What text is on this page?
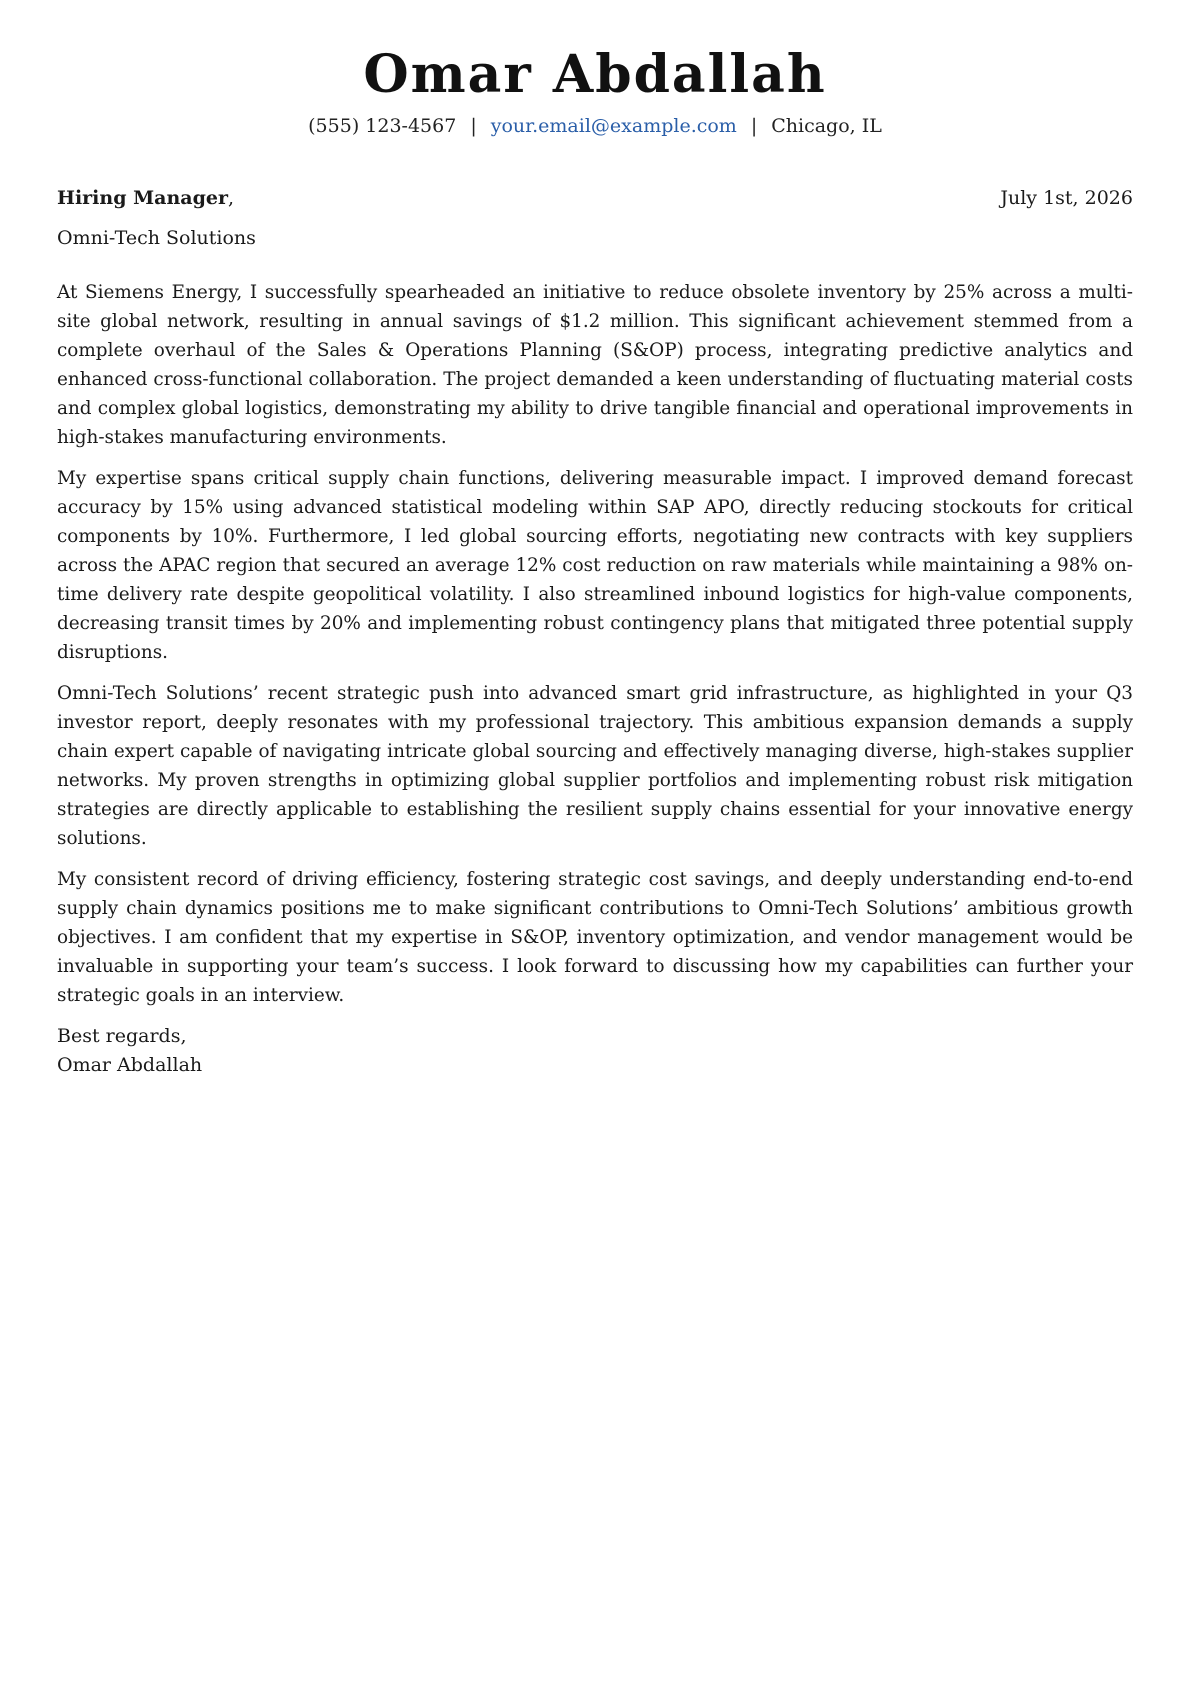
Omar Abdallah
(555) 123-4567 | your.email@example.com | Chicago, IL
Hiring Manager,	July 1st, 2026
Omni-Tech Solutions

At Siemens Energy, I successfully spearheaded an initiative to reduce obsolete inventory by 25% across a multi-site global network, resulting in annual savings of $1.2 million. This significant achievement stemmed from a complete overhaul of the Sales & Operations Planning (S&OP) process, integrating predictive analytics and enhanced cross-functional collaboration. The project demanded a keen understanding of fluctuating material costs and complex global logistics, demonstrating my ability to drive tangible financial and operational improvements in high-stakes manufacturing environments.

My expertise spans critical supply chain functions, delivering measurable impact. I improved demand forecast accuracy by 15% using advanced statistical modeling within SAP APO, directly reducing stockouts for critical components by 10%. Furthermore, I led global sourcing efforts, negotiating new contracts with key suppliers across the APAC region that secured an average 12% cost reduction on raw materials while maintaining a 98% on-time delivery rate despite geopolitical volatility. I also streamlined inbound logistics for high-value components, decreasing transit times by 20% and implementing robust contingency plans that mitigated three potential supply disruptions.

Omni-Tech Solutions’ recent strategic push into advanced smart grid infrastructure, as highlighted in your Q3 investor report, deeply resonates with my professional trajectory. This ambitious expansion demands a supply chain expert capable of navigating intricate global sourcing and effectively managing diverse, high-stakes supplier networks. My proven strengths in optimizing global supplier portfolios and implementing robust risk mitigation strategies are directly applicable to establishing the resilient supply chains essential for your innovative energy solutions.

My consistent record of driving efficiency, fostering strategic cost savings, and deeply understanding end-to-end supply chain dynamics positions me to make significant contributions to Omni-Tech Solutions’ ambitious growth objectives. I am confident that my expertise in S&OP, inventory optimization, and vendor management would be invaluable in supporting your team’s success. I look forward to discussing how my capabilities can further your strategic goals in an interview.

Best regards,
Omar Abdallah
